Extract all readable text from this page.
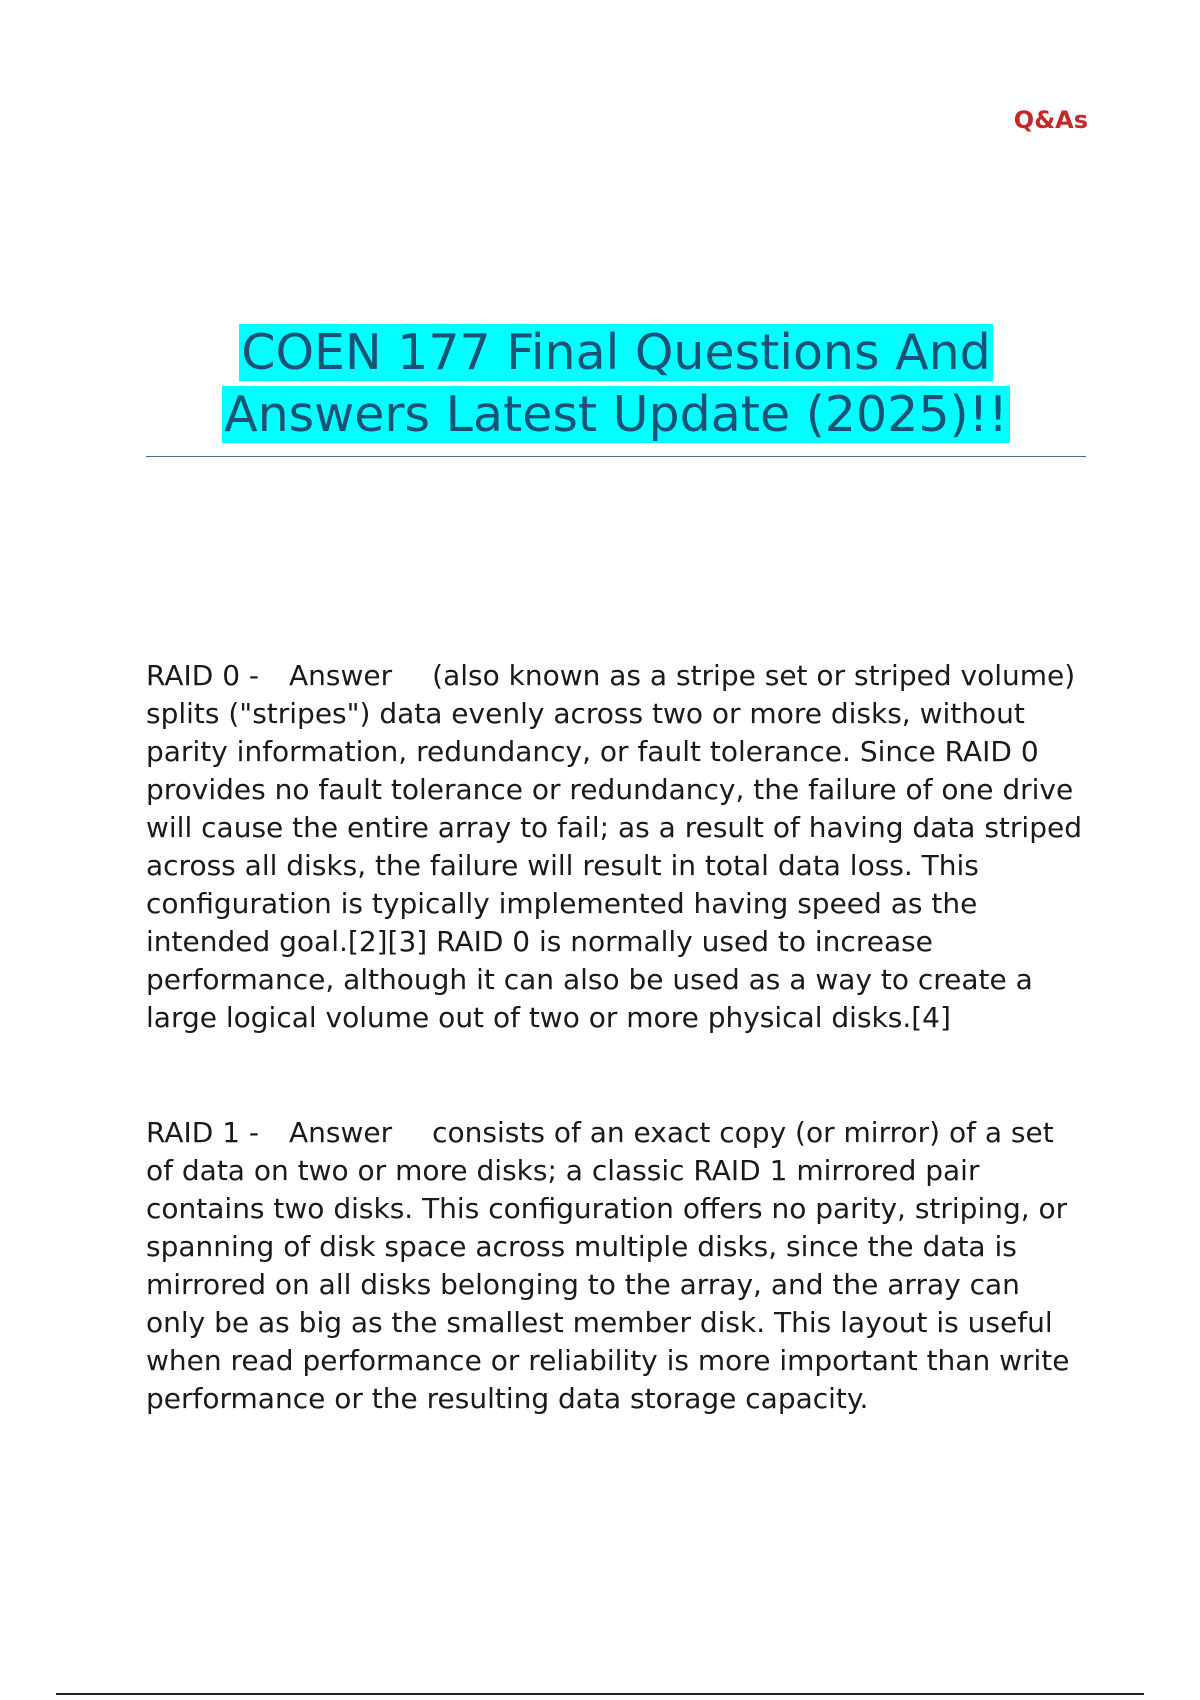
Q&As
COEN 177 Final Questions And
Answers Latest Update (2025)!!
RAID 0 - Answer (also known as a stripe set or striped volume) splits ("stripes") data evenly across two or more disks, without parity information, redundancy, or fault tolerance. Since RAID 0 provides no fault tolerance or redundancy, the failure of one drive will cause the entire array to fail; as a result of having data striped across all disks, the failure will result in total data loss. This configuration is typically implemented having speed as the intended goal.[2][3] RAID 0 is normally used to increase performance, although it can also be used as a way to create a large logical volume out of two or more physical disks.[4]
RAID 1 - Answer consists of an exact copy (or mirror) of a set of data on two or more disks; a classic RAID 1 mirrored pair contains two disks. This configuration offers no parity, striping, or spanning of disk space across multiple disks, since the data is mirrored on all disks belonging to the array, and the array can only be as big as the smallest member disk. This layout is useful when read performance or reliability is more important than write performance or the resulting data storage capacity.
